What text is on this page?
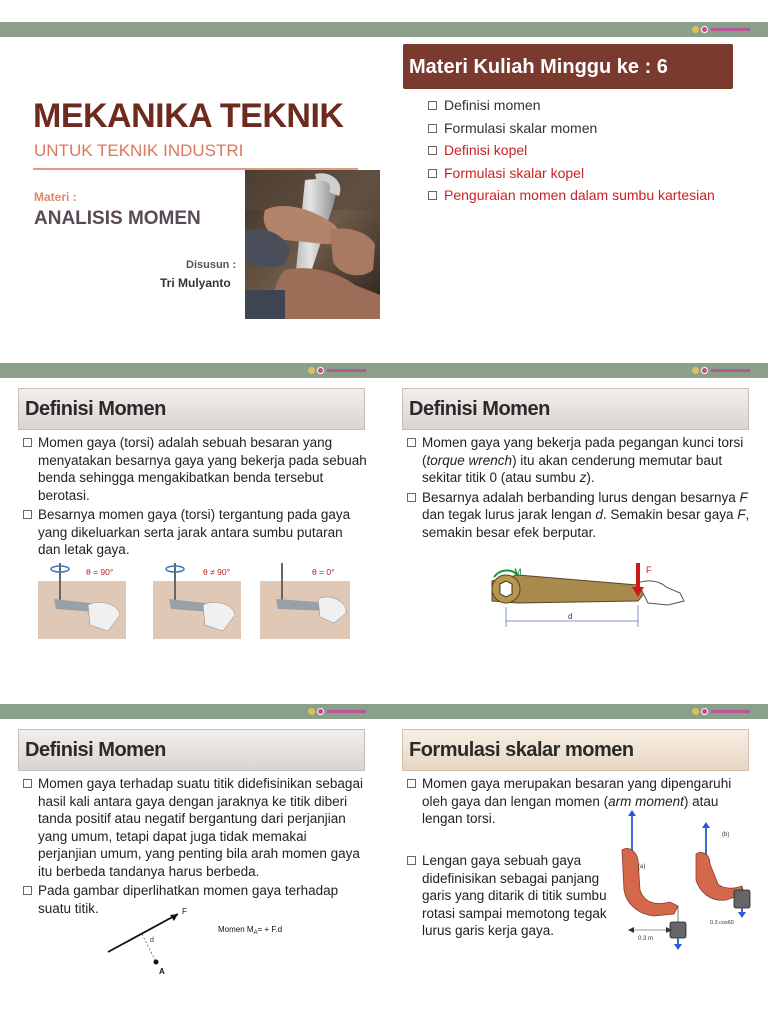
MEKANIKA TEKNIK
UNTUK TEKNIK INDUSTRI
Materi :
ANALISIS MOMEN
Disusun :
Tri Mulyanto
Materi Kuliah Minggu ke : 6
Definisi momen
Formulasi skalar momen
Definisi kopel
Formulasi skalar kopel
Penguraian momen dalam sumbu kartesian
Definisi Momen
Momen gaya (torsi) adalah sebuah besaran yang menyatakan besarnya gaya yang bekerja pada sebuah benda sehingga mengakibatkan benda tersebut berotasi.
Besarnya momen gaya (torsi) tergantung pada gaya yang dikeluarkan serta jarak antara sumbu putaran dan letak gaya.
θ = 90°	θ ≠ 90°	θ = 0°
Definisi Momen
Momen gaya yang bekerja pada pegangan kunci torsi (torque wrench) itu akan cenderung memutar baut sekitar titik 0 (atau sumbu z).
Besarnya adalah berbanding lurus dengan besarnya F dan tegak lurus jarak lengan d. Semakin besar gaya F, semakin besar efek berputar.
M	F
d
Definisi Momen
Momen gaya terhadap suatu titik didefisinikan sebagai hasil kali antara gaya dengan jaraknya ke titik diberi tanda positif atau negatif bergantung dari perjanjian yang umum, tetapi dapat juga tidak memakai perjanjian umum, yang penting bila arah momen gaya itu berbeda tandanya harus berbeda.
Pada gambar diperlihatkan momen gaya terhadap suatu titik.	F
d
A
Momen $M_A= + F.d$
Formulasi skalar momen
Momen gaya merupakan besaran yang dipengaruhi oleh gaya dan lengan momen (arm moment) atau lengan torsi.
Lengan gaya sebuah gaya didefinisikan sebagai panjang garis yang ditarik di titik sumbu rotasi sampai memotong tegak lurus garis kerja gaya.
(a)
0.3 m
(b)
0.3 cos60
